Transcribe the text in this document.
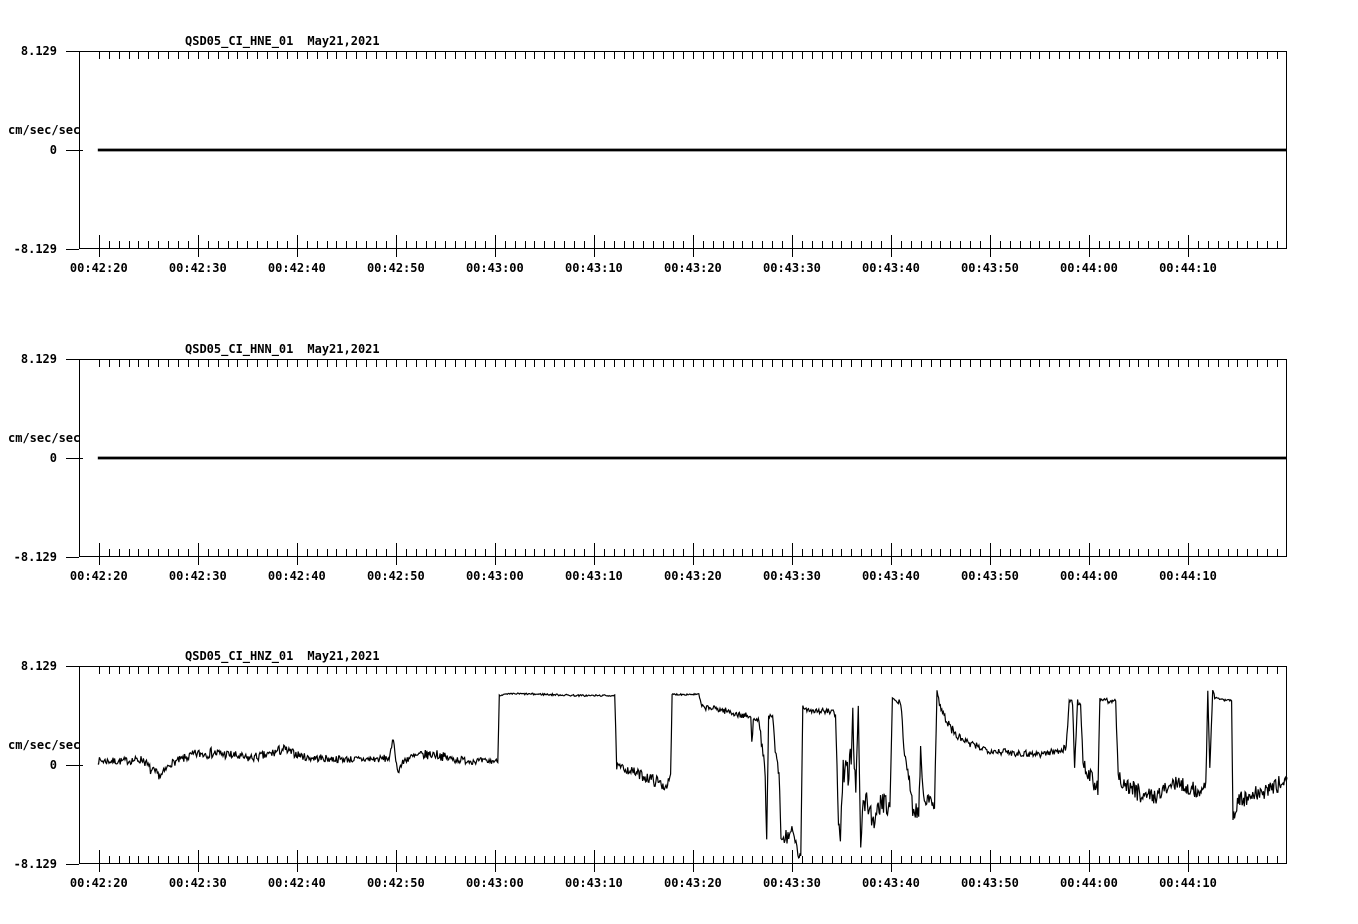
QSD05_CI_HNE_01 May21,2021
8.129
cm/sec/sec
0
-8.129
00:42:20	00:42:30	00:42:40	00:42:50	00:43:00	00:43:10	00:43:20	00:43:30	00:43:40	00:43:50	00:44:00	00:44:10
QSD05_CI_HNN_01 May21,2021
8.129
cm/sec/sec
0
-8.129
00:42:20	00:42:30	00:42:40	00:42:50	00:43:00	00:43:10	00:43:20	00:43:30	00:43:40	00:43:50	00:44:00	00:44:10
QSD05_CI_HNZ_01 May21,2021
8.129
cm/sec/sec
0
-8.129
00:42:20	00:42:30	00:42:40	00:42:50	00:43:00	00:43:10	00:43:20	00:43:30	00:43:40	00:43:50	00:44:00	00:44:10
